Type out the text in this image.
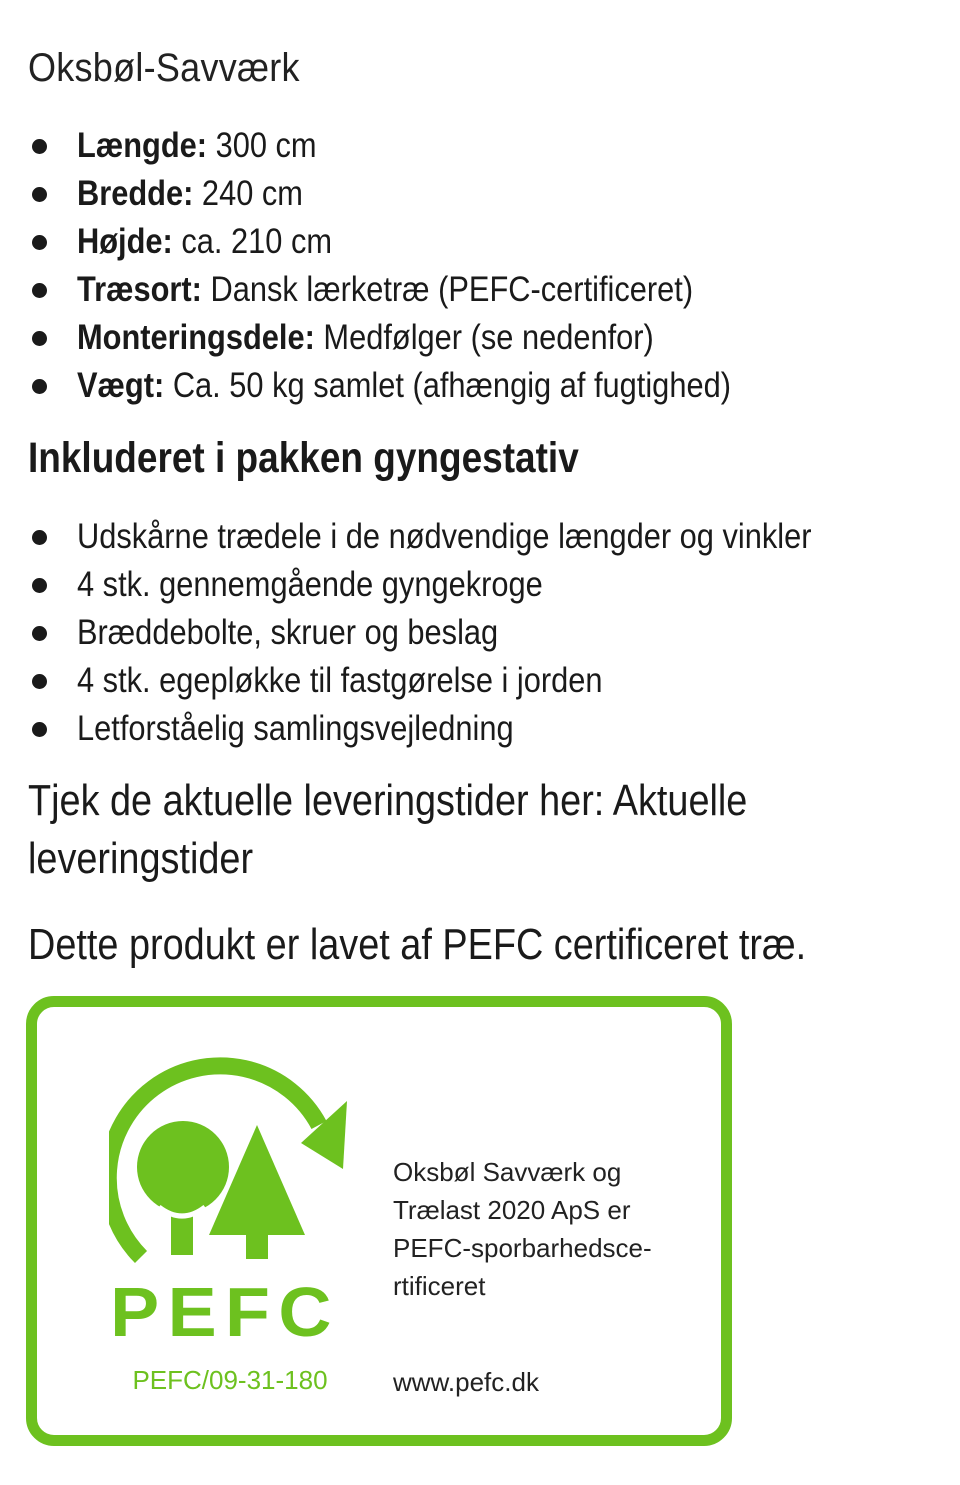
Oksbøl-Savværk
Længde: 300 cm
Bredde: 240 cm
Højde: ca. 210 cm
Træsort: Dansk lærketræ (PEFC-certificeret)
Monteringsdele: Medfølger (se nedenfor)
Vægt: Ca. 50 kg samlet (afhængig af fugtighed)
Inkluderet i pakken gyngestativ
Udskårne trædele i de nødvendige længder og vinkler
4 stk. gennemgående gyngekroge
Bræddebolte, skruer og beslag
4 stk. egepløkke til fastgørelse i jorden
Letforståelig samlingsvejledning

Tjek de aktuelle leveringstider her: Aktuelle
leveringstider

Dette produkt er lavet af PEFC certificeret træ.

PEFC
PEFC/09-31-180
Oksbøl Savværk og
Trælast 2020 ApS er
PEFC-sporbarhedsce-
rtificeret
www.pefc.dk
